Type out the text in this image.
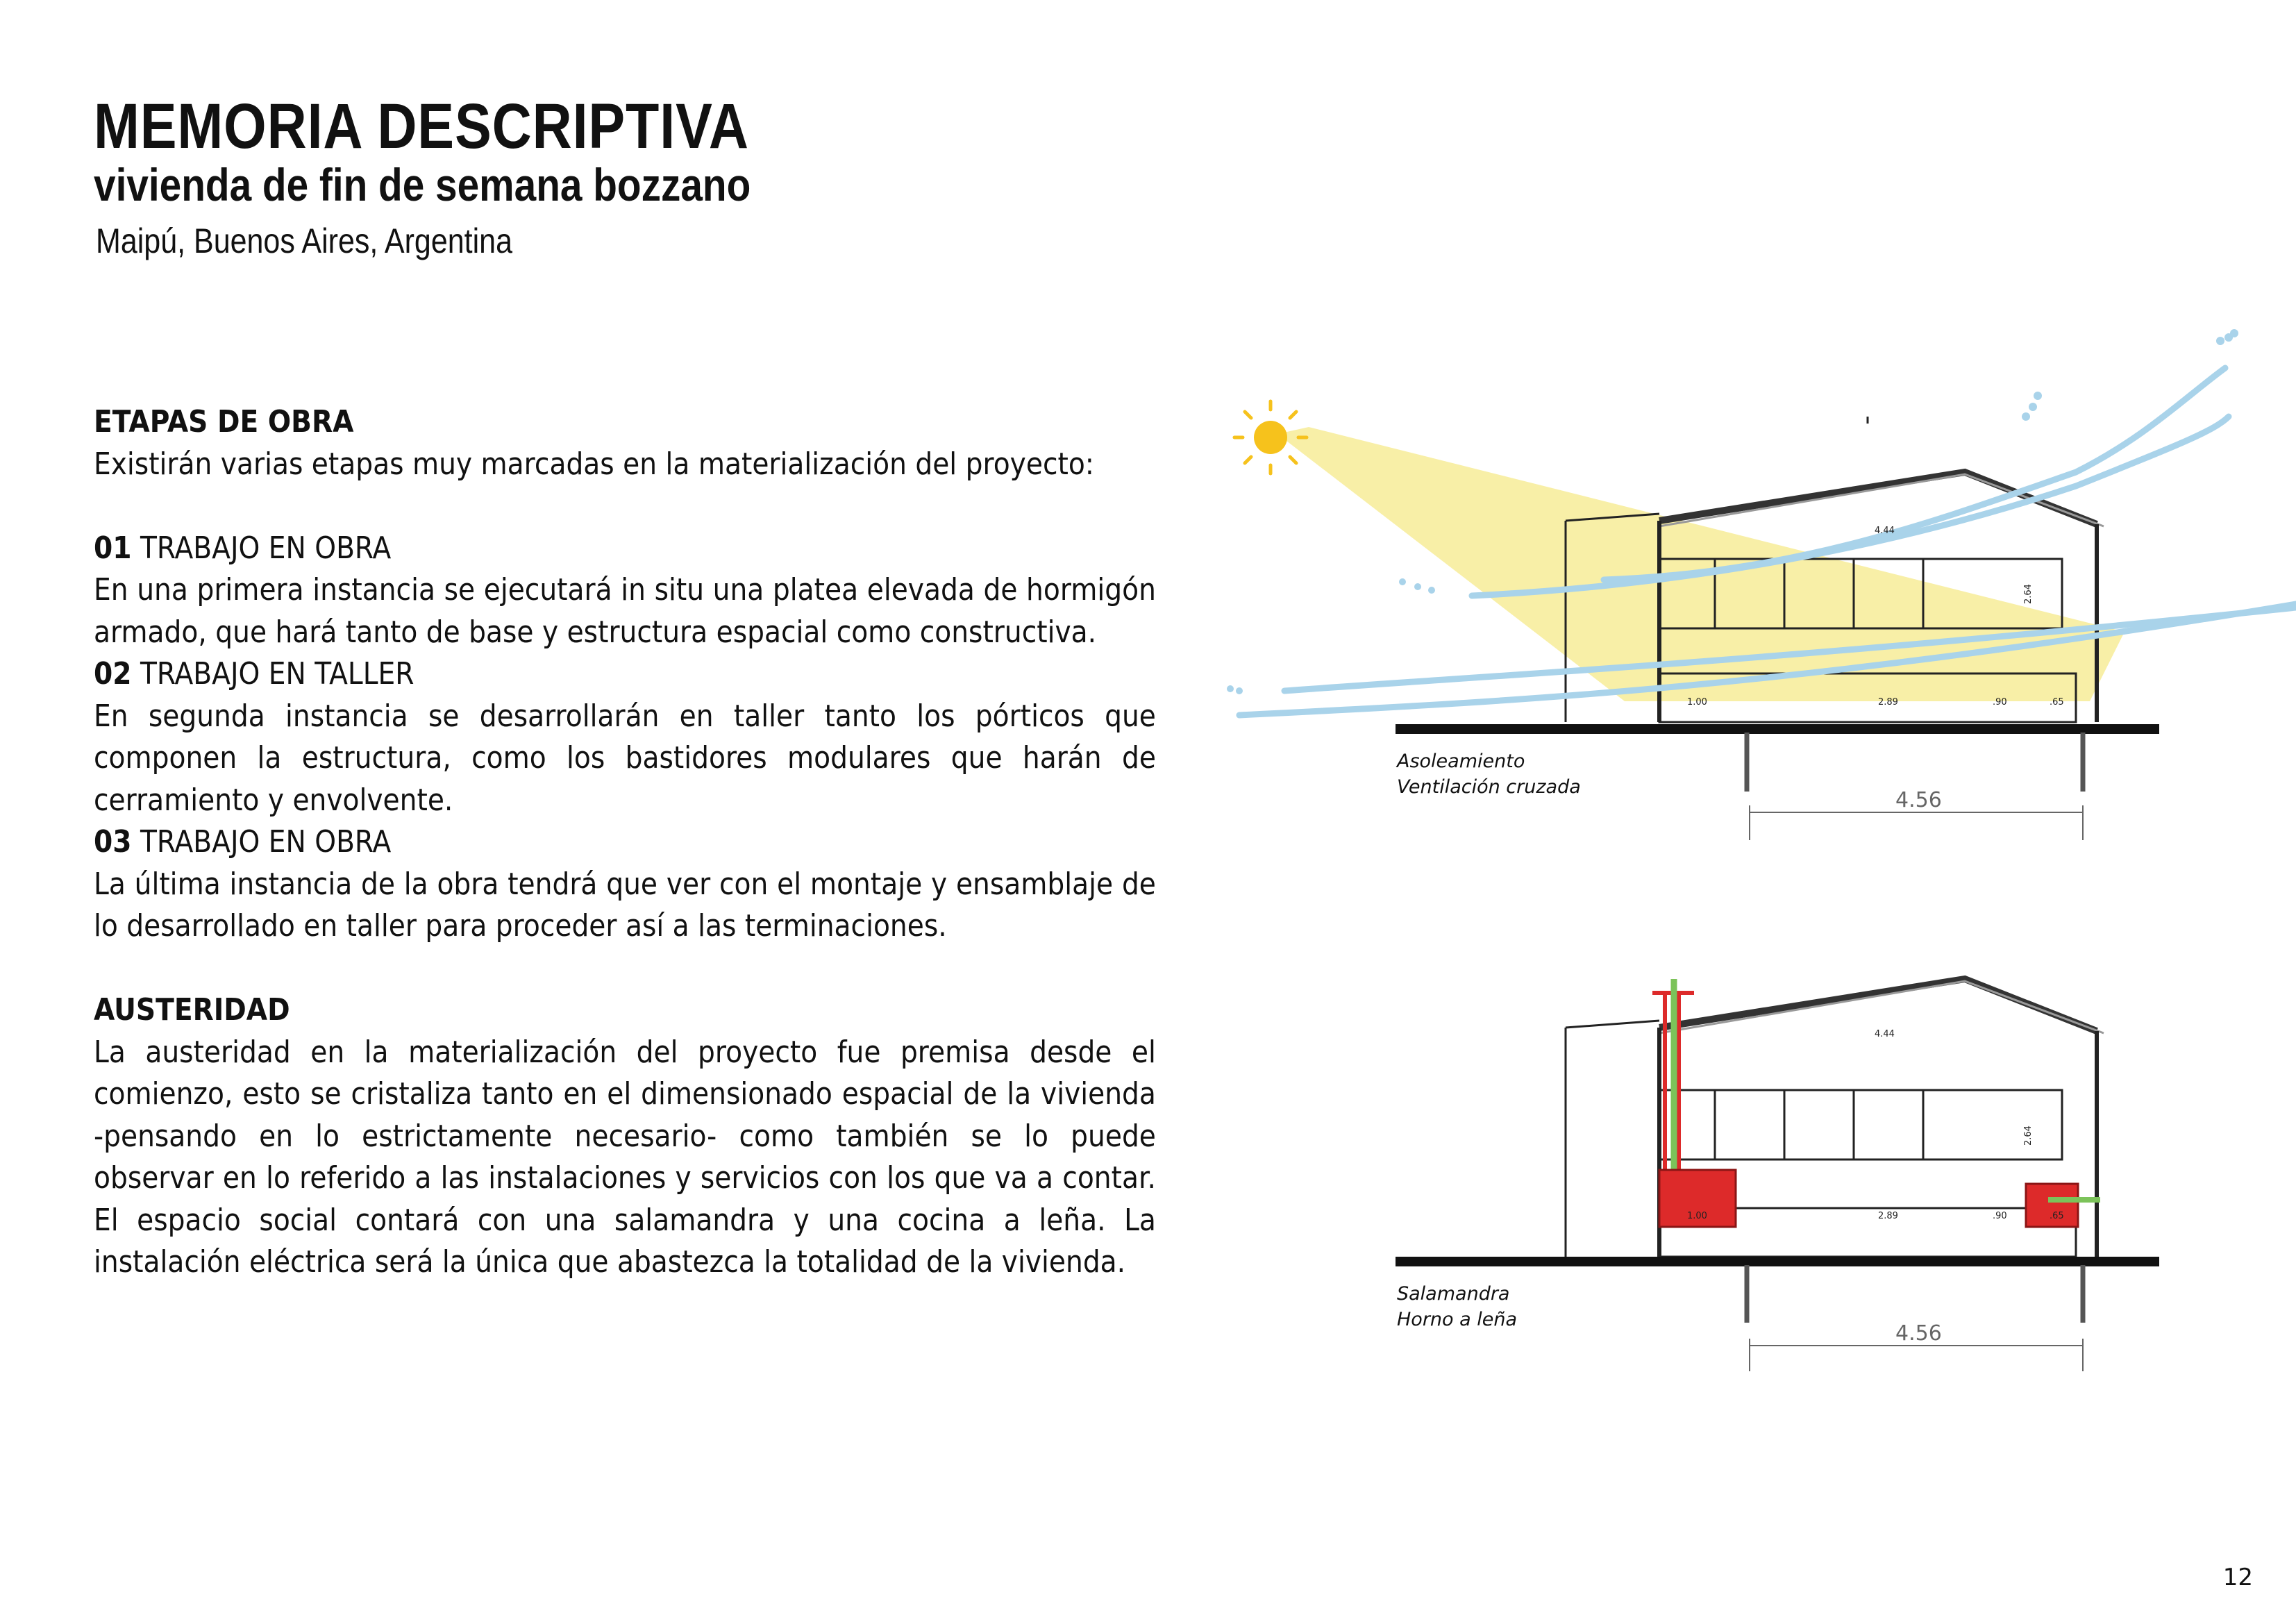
MEMORIA DESCRIPTIVA
vivienda de fin de semana bozzano

Maipú, Buenos Aires, Argentina

ETAPAS DE OBRA

Existirán varias etapas muy marcadas en la materialización del proyecto:

01 TRABAJO EN OBRA

En una primera instancia se ejecutará in situ una platea elevada de hormigón armado, que hará tanto de base y estructura espacial como constructiva.

02 TRABAJO EN TALLER

En segunda instancia se desarrollarán en taller tanto los pórticos que componen la estructura, como los bastidores modulares que harán de cerramiento y envolvente.

03 TRABAJO EN OBRA

La última instancia de la obra tendrá que ver con el montaje y ensamblaje de lo desarrollado en taller para proceder así a las terminaciones.

AUSTERIDAD

La austeridad en la materialización del proyecto fue premisa desde el comienzo, esto se cristaliza tanto en el dimensionado espacial de la vivienda -pensando en lo estrictamente necesario- como también se lo puede observar en lo referido a las instalaciones y servicios con los que va a contar. El espacio social contará con una salamandra y una cocina a leña. La instalación eléctrica será la única que abastezca la totalidad de la vivienda.

4.44
1.00	2.89	.90	.65
2.64
4.56
Asoleamiento
Ventilación cruzada
4.44
1.00	2.89	.90	.65
2.64
4.56
Salamandra
Horno a leña
12
